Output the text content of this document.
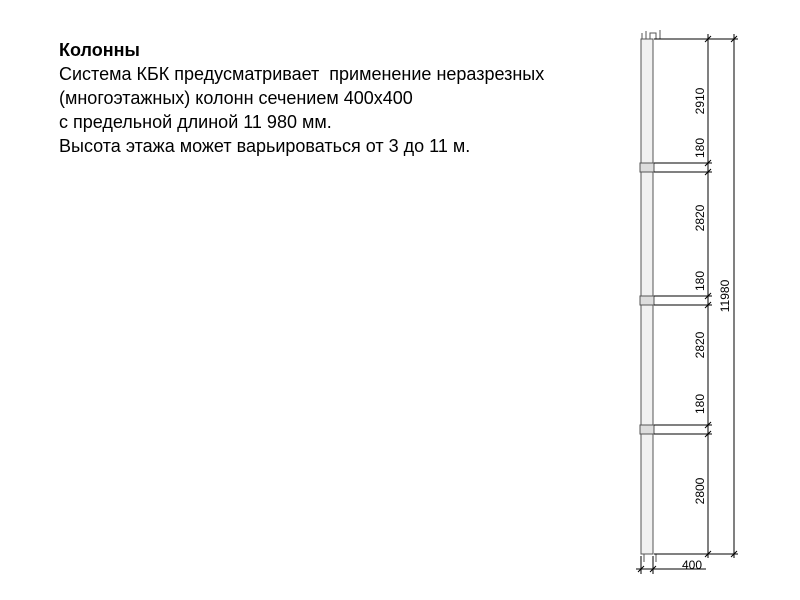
Колонны
Система КБК предусматривает  применение неразрезных
(многоэтажных) колонн сечением 400х400
с предельной длиной 11 980 мм.
Высота этажа может варьироваться от 3 до 11 м.
2910
180
2820
180
2820
180
2800
11980
400
